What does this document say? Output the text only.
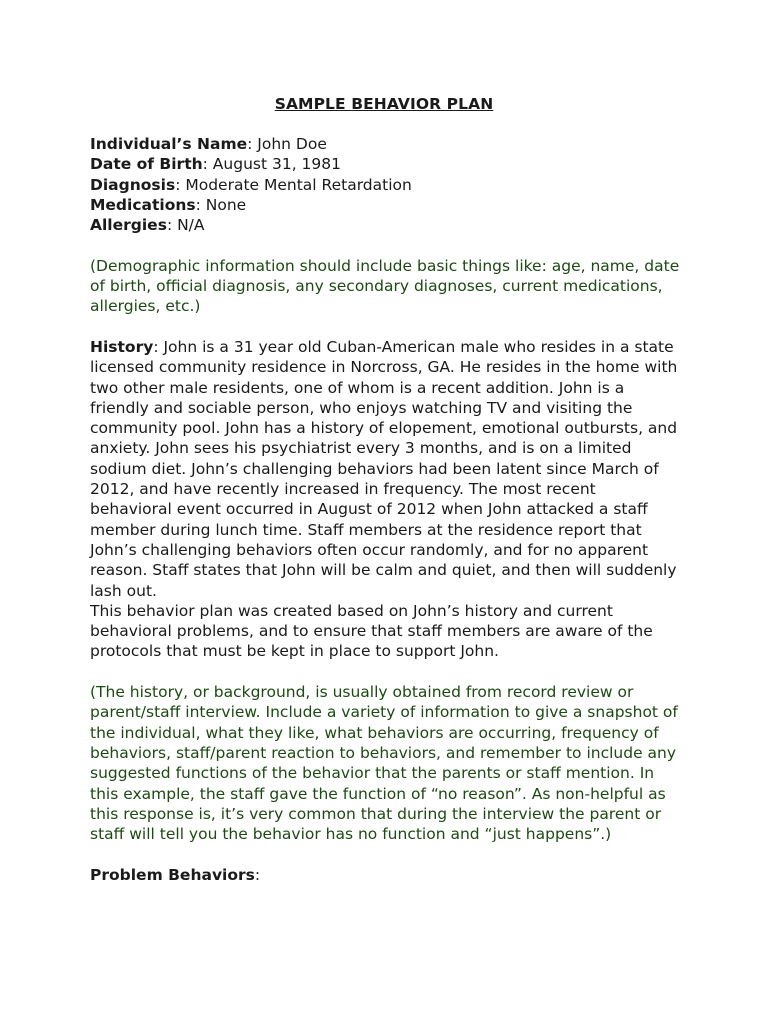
SAMPLE BEHAVIOR PLAN
Individual’s Name: John Doe
Date of Birth: August 31, 1981
Diagnosis: Moderate Mental Retardation
Medications: None
Allergies: N/A

(Demographic information should include basic things like: age, name, date of birth, official diagnosis, any secondary diagnoses, current medications, allergies, etc.)

History: John is a 31 year old Cuban-American male who resides in a state licensed community residence in Norcross, GA. He resides in the home with two other male residents, one of whom is a recent addition. John is a friendly and sociable person, who enjoys watching TV and visiting the community pool. John has a history of elopement, emotional outbursts, and anxiety. John sees his psychiatrist every 3 months, and is on a limited sodium diet. John’s challenging behaviors had been latent since March of 2012, and have recently increased in frequency. The most recent behavioral event occurred in August of 2012 when John attacked a staff member during lunch time. Staff members at the residence report that John’s challenging behaviors often occur randomly, and for no apparent reason. Staff states that John will be calm and quiet, and then will suddenly lash out.
This behavior plan was created based on John’s history and current behavioral problems, and to ensure that staff members are aware of the protocols that must be kept in place to support John.

(The history, or background, is usually obtained from record review or parent/staff interview. Include a variety of information to give a snapshot of the individual, what they like, what behaviors are occurring, frequency of behaviors, staff/parent reaction to behaviors, and remember to include any suggested functions of the behavior that the parents or staff mention. In this example, the staff gave the function of “no reason”. As non-helpful as this response is, it’s very common that during the interview the parent or staff will tell you the behavior has no function and “just happens”.)

Problem Behaviors:
